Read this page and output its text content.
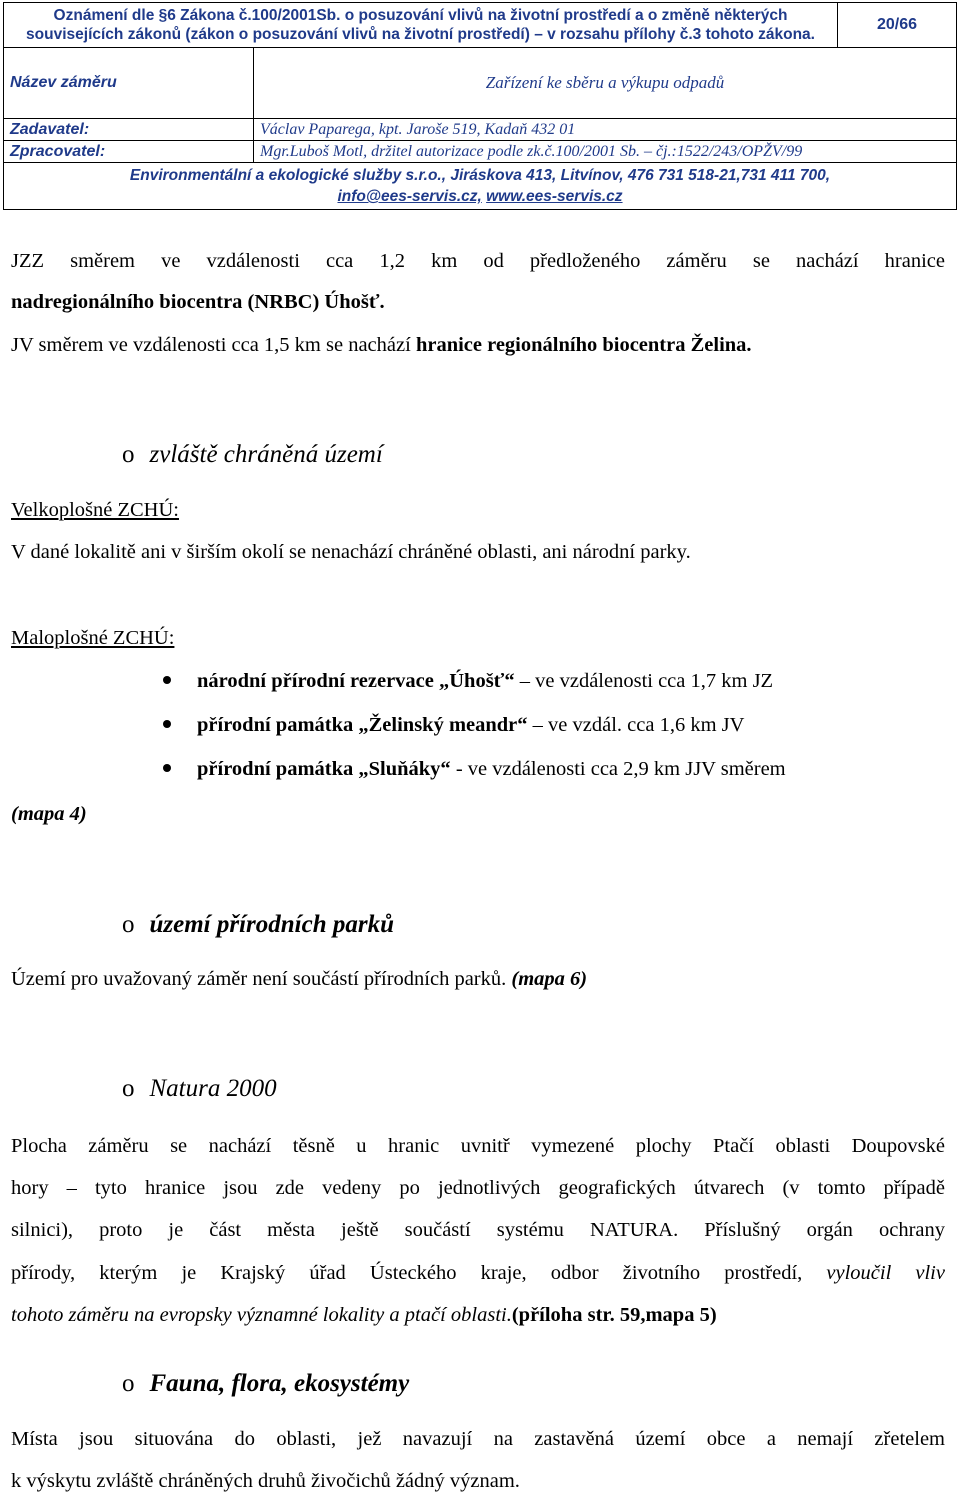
Oznámení dle §6 Zákona č.100/2001Sb. o posuzování vlivů na životní prostředí a o změně některých souvisejících zákonů (zákon o posuzování vlivů na životní prostředí) – v rozsahu přílohy č.3 tohoto zákona.		20/66
Název záměru	Zařízení ke sběru a výkupu odpadů	
Zadavatel:	Václav Paparega, kpt. Jaroše 519, Kadaň 432 01	
Zpracovatel:	Mgr.Luboš Motl, držitel autorizace podle zk.č.100/2001 Sb. – čj.:1522/243/OPŽV/99	
Environmentální a ekologické služby s.r.o., Jiráskova 413, Litvínov, 476 731 518-21,731 411 700,
info@ees-servis.cz, www.ees-servis.cz		
JZZ směrem ve vzdálenosti cca 1,2 km od předloženého záměru se nachází hranice
nadregionálního biocentra (NRBC) Úhošť.
JV směrem ve vzdálenosti cca 1,5 km se nachází hranice regionálního biocentra Želina.
o zvláště chráněná území
Velkoplošné ZCHÚ:
V dané lokalitě ani v širším okolí se nenachází chráněné oblasti, ani národní parky.
Maloplošné ZCHÚ:
národní přírodní rezervace „Úhošť“ – ve vzdálenosti cca 1,7 km JZ
přírodní památka „Želinský meandr“ – ve vzdál. cca 1,6 km JV
přírodní památka „Sluňáky“ - ve vzdálenosti cca 2,9 km JJV směrem
(mapa 4)
o území přírodních parků
Území pro uvažovaný záměr není součástí přírodních parků. (mapa 6)
o Natura 2000
Plocha záměru se nachází těsně u hranic uvnitř vymezené plochy Ptačí oblasti Doupovské
hory – tyto hranice jsou zde vedeny po jednotlivých geografických útvarech (v tomto případě
silnici), proto je část města ještě součástí systému NATURA. Příslušný orgán ochrany
přírody, kterým je Krajský úřad Ústeckého kraje, odbor životního prostředí, vyloučil vliv
tohoto záměru na evropsky významné lokality a ptačí oblasti.(příloha str. 59,mapa 5)
o Fauna, flora, ekosystémy
Místa jsou situována do oblasti, jež navazují na zastavěná území obce a nemají zřetelem
k výskytu zvláště chráněných druhů živočichů žádný význam.
